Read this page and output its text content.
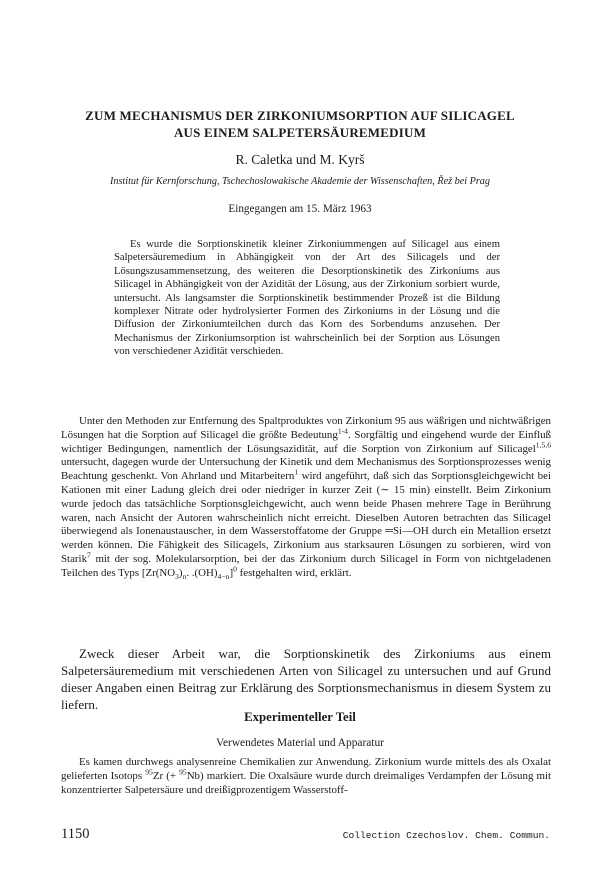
ZUM MECHANISMUS DER ZIRKONIUMSORPTION AUF SILICAGEL
AUS EINEM SALPETERSÄUREMEDIUM
R. Caletka und M. Kyrš
Institut für Kernforschung, Tschechoslowakische Akademie der Wissenschaften, Řež bei Prag
Eingegangen am 15. März 1963

Es wurde die Sorptionskinetik kleiner Zirkoniummengen auf Silicagel aus einem Salpetersäuremedium in Abhängigkeit von der Art des Silicagels und der Lösungszusammensetzung, des weiteren die Desorptionskinetik des Zirkoniums aus Silicagel in Abhängigkeit von der Azidität der Lösung, aus der Zirkonium sorbiert wurde, untersucht. Als langsamster die Sorptionskinetik bestimmender Prozeß ist die Bildung komplexer Nitrate oder hydrolysierter Formen des Zirkoniums in der Lösung und die Diffusion der Zirkoniumteilchen durch das Korn des Sorbendums anzusehen. Der Mechanismus der Zirkoniumsorption ist wahrscheinlich bei der Sorption aus Lösungen von verschiedener Azidität verschieden.

Unter den Methoden zur Entfernung des Spaltproduktes von Zirkonium 95 aus wäßrigen und nichtwäßrigen Lösungen hat die Sorption auf Silicagel die größte Bedeutung$^{1-4}$. Sorgfältig und eingehend wurde der Einfluß wichtiger Bedingungen, namentlich der Lösungsazidität, auf die Sorption von Zirkonium auf Silicagel$^{1,5,6}$ untersucht, dagegen wurde der Untersuchung der Kinetik und dem Mechanismus des Sorptionsprozesses wenig Beachtung geschenkt. Von Ahrland und Mitarbeitern$^1$ wird angeführt, daß sich das Sorptionsgleichgewicht bei Kationen mit einer Ladung gleich drei oder niedriger in kurzer Zeit (∼ 15 min) einstellt. Beim Zirkonium wurde jedoch das tatsächliche Sorptionsgleichgewicht, auch wenn beide Phasen mehrere Tage in Berührung waren, nach Ansicht der Autoren wahrscheinlich nicht erreicht. Dieselben Autoren betrachten das Silicagel überwiegend als Ionenaustauscher, in dem Wasserstoffatome der Gruppe ═Si—OH durch ein Metallion ersetzt werden können. Die Fähigkeit des Silicagels, Zirkonium aus starksauren Lösungen zu sorbieren, wird von Starik$^7$ mit der sog. Molekularsorption, bei der das Zirkonium durch Silicagel in Form von nichtgeladenen Teilchen des Typs [$Zr(NO_3)_n$. $.(OH)_{4-n}]^0$ festgehalten wird, erklärt.

Zweck dieser Arbeit war, die Sorptionskinetik des Zirkoniums aus einem Salpetersäuremedium mit verschiedenen Arten von Silicagel zu untersuchen und auf Grund dieser Angaben einen Beitrag zur Erklärung des Sorptionsmechanismus in diesem System zu liefern.

Experimenteller Teil
Verwendetes Material und Apparatur

Es kamen durchwegs analysenreine Chemikalien zur Anwendung. Zirkonium wurde mittels des als Oxalat gelieferten Isotops $^{95}$Zr (+ $^{95}$Nb) markiert. Die Oxalsäure wurde durch dreimaliges Verdampfen der Lösung mit konzentrierter Salpetersäure und dreißigprozentigem Wasserstoff-

1150	Collection Czechoslov. Chem. Commun.
